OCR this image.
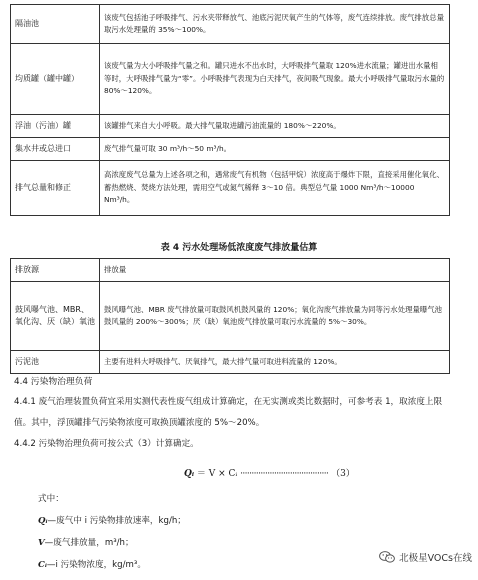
隔油池	该废气包括池子呼吸排气、污水夹带释放气、池底污泥厌氧产生的气体等，废气连续排放。废气排放总量取污水处理量的 35%～100%。
均质罐（罐中罐）	该废气量为大小呼吸排气量之和。罐只进水不出水时，大呼吸排气量取 120%进水流量；罐进出水量相等时，大呼吸排气量为“零”。小呼吸排气表现为白天排气，夜间吸气现象。最大小呼吸排气量取污水量的 80%～120%。
浮油（污油）罐	该罐排气来自大小呼吸。最大排气量取进罐污油流量的 180%～220%。
集水井或总进口	废气排气量可取 30 m³/h～50 m³/h。
排气总量和修正	高浓度废气总量为上述各项之和，遇常废气有机物（包括甲烷）浓度高于爆炸下限，直接采用催化氧化、蓄热燃烧、焚烧方法处理，需用空气或氮气稀释 3～10 倍。典型总气量 1000 Nm³/h～10000 Nm³/h。
表 4 污水处理场低浓度废气排放量估算
排放源	排放量
鼓风曝气池、MBR、氧化沟、厌（缺）氧池	鼓风曝气池、MBR 废气排放量可取鼓风机鼓风量的 120%；氧化沟废气排放量为同等污水处理量曝气池鼓风量的 200%～300%；厌（缺）氧池废气排放量可取污水流量的 5%～30%。
污泥池	主要有进料大呼吸排气、厌氧排气，最大排气量可取进料流量的 120%。
4.4 污染物治理负荷
4.4.1 废气治理装置负荷宜采用实测代表性废气组成计算确定，在无实测或类比数据时，可参考表 1，取浓度上限值。其中，浮顶罐排气污染物浓度可取换顶罐浓度的 5%～20%。
4.4.2 污染物治理负荷可按公式（3）计算确定。
Qᵢ ＝ V × Cᵢ ······································· （3）
式中：
Qᵢ—废气中 i 污染物排放速率，kg/h；
V—废气排放量，m³/h；
Cᵢ—i 污染物浓度，kg/m³。
北极星VOCs在线
